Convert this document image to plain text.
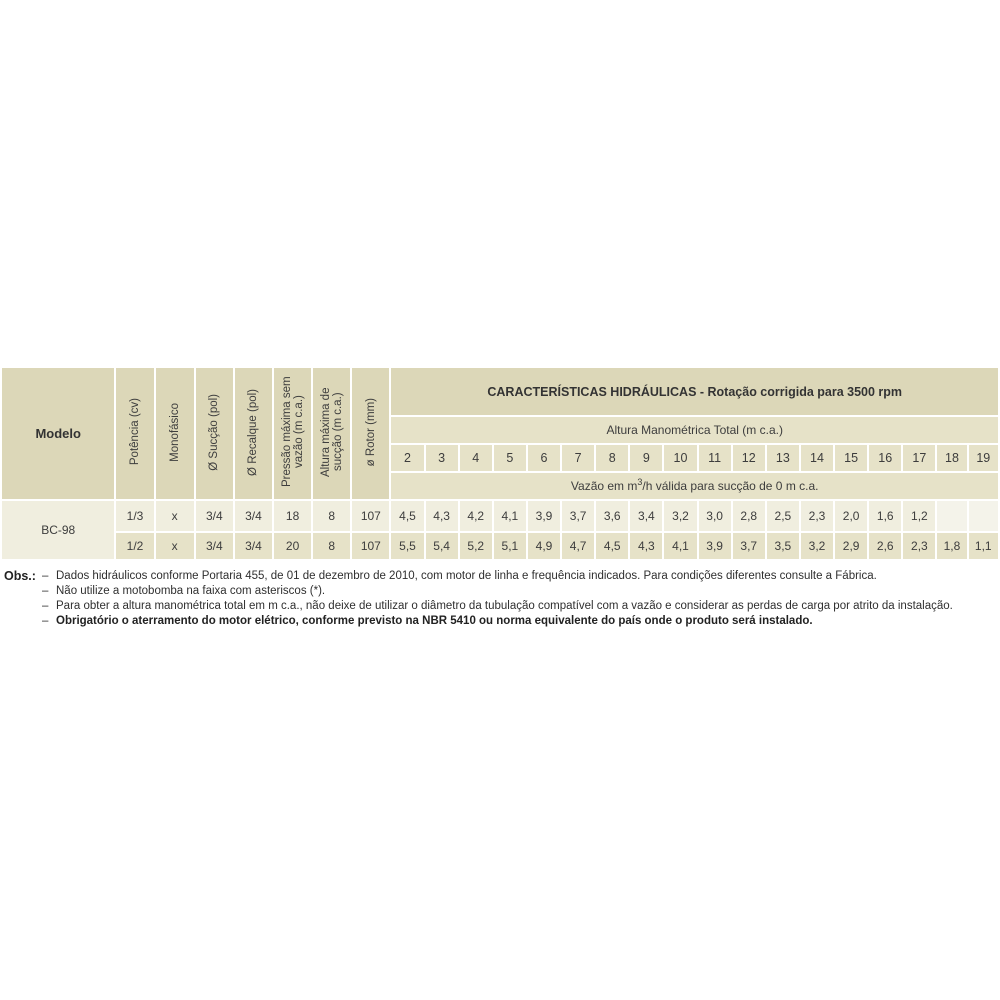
Modelo	Potência (cv)	Monofásico	Ø Sucção (pol)	Ø Recalque (pol)	Pressão máxima sem vazão (m c.a.)	Altura máxima de sucção (m c.a.)	ø Rotor (mm)	CARACTERÍSTICAS HIDRÁULICAS - Rotação corrigida para 3500 rpm																	
								Altura Manométrica Total (m c.a.)																	
								2	3	4	5	6	7	8	9	10	11	12	13	14	15	16	17	18	19
								Vazão em $m^3/h$ válida para sucção de 0 m c.a.																	
BC-98	1/3	x	3/4	3/4	18	8	107	4,5	4,3	4,2	4,1	3,9	3,7	3,6	3,4	3,2	3,0	2,8	2,5	2,3	2,0	1,6	1,2		
	1/2	x	3/4	3/4	20	8	107	5,5	5,4	5,2	5,1	4,9	4,7	4,5	4,3	4,1	3,9	3,7	3,5	3,2	2,9	2,6	2,3	1,8	1,1
Obs.: – Dados hidráulicos conforme Portaria 455, de 01 de dezembro de 2010, com motor de linha e frequência indicados. Para condições diferentes consulte a Fábrica.
– Não utilize a motobomba na faixa com asteriscos (*).
– Para obter a altura manométrica total em m c.a., não deixe de utilizar o diâmetro da tubulação compatível com a vazão e considerar as perdas de carga por atrito da instalação.
– Obrigatório o aterramento do motor elétrico, conforme previsto na NBR 5410 ou norma equivalente do país onde o produto será instalado.
